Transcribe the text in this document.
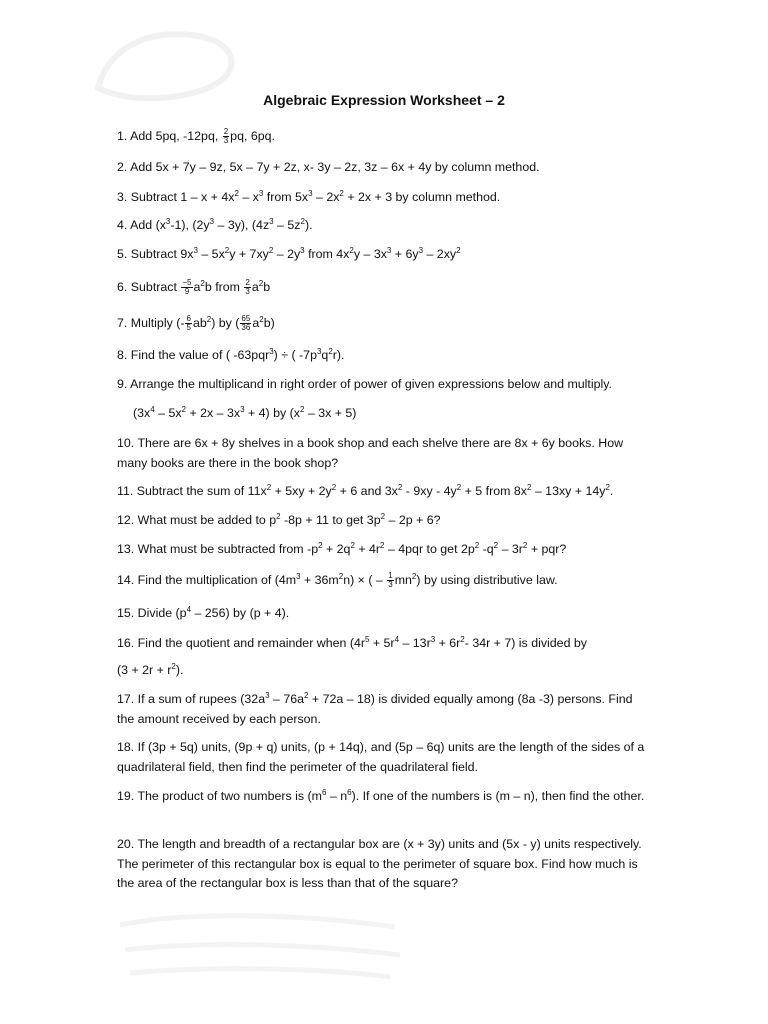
Algebraic Expression Worksheet – 2
1. Add 5pq, -12pq, $\frac{2}{3}$ pq, 6pq.
2. Add 5x + 7y – 9z, 5x – 7y + 2z, x- 3y – 2z, 3z – 6x + 4y by column method.
3. Subtract $1 - x + 4x^2 - x^3$ from $5x^3 - 2x^2 + 2x + 3$ by column method.
4. Add $(x^3-1)$, $(2y^3 - 3y)$, $(4z^3 - 5z^2)$.
5. Subtract $9x^3 - 5x^2y + 7xy^2 - 2y^3$ from $4x^2y - 3x^3 + 6y^3 - 2xy^2$
6. Subtract $\frac{-5}{9} a^2b$ from $\frac{2}{3} a^2b$
7. Multiply (- $\frac{6}{5} ab^2$) by ( $\frac{65}{36} a^2b$)
8. Find the value of ( -63pqr$^3$) ÷ ( $-7p^3q^2r$).
9. Arrange the multiplicand in right order of power of given expressions below and multiply.
$(3x^4 - 5x^2 + 2x - 3x^3 + 4)$ by $(x^2 - 3x + 5)$
10. There are 6x + 8y shelves in a book shop and each shelve there are 8x + 6y books. How many books are there in the book shop?
11. Subtract the sum of $11x^2 + 5xy + 2y^2 + 6$ and $3x^2 - 9xy - 4y^2 + 5$ from $8x^2 - 13xy + 14y^2$.
12. What must be added to $p^2$ -8p + 11 to get $3p^2 - 2p + 6$?
13. What must be subtracted from $-p^2 + 2q^2 + 4r^2 - 4pqr$ to get $2p^2$ $-q^2 - 3r^2$ + pqr?
14. Find the multiplication of $(4m^3 + 36m^2n)$ × ( – $\frac{1}{3} mn^2$) by using distributive law.
15. Divide $(p^4 - 256)$ by (p + 4).
16. Find the quotient and remainder when ($4r^5 + 5r^4 - 13r^3 + 6r^2-$ 34r + 7) is divided by
$(3 + 2r + r^2)$.
17. If a sum of rupees $(32a^3 - 76a^2 + 72a - 18)$ is divided equally among (8a -3) persons. Find the amount received by each person.
18. If (3p + 5q) units, (9p + q) units, (p + 14q), and (5p – 6q) units are the length of the sides of a quadrilateral field, then find the perimeter of the quadrilateral field.
19. The product of two numbers is $(m^6 - n^6)$. If one of the numbers is (m – n), then find the other.
20. The length and breadth of a rectangular box are (x + 3y) units and (5x - y) units respectively. The perimeter of this rectangular box is equal to the perimeter of square box. Find how much is the area of the rectangular box is less than that of the square?
